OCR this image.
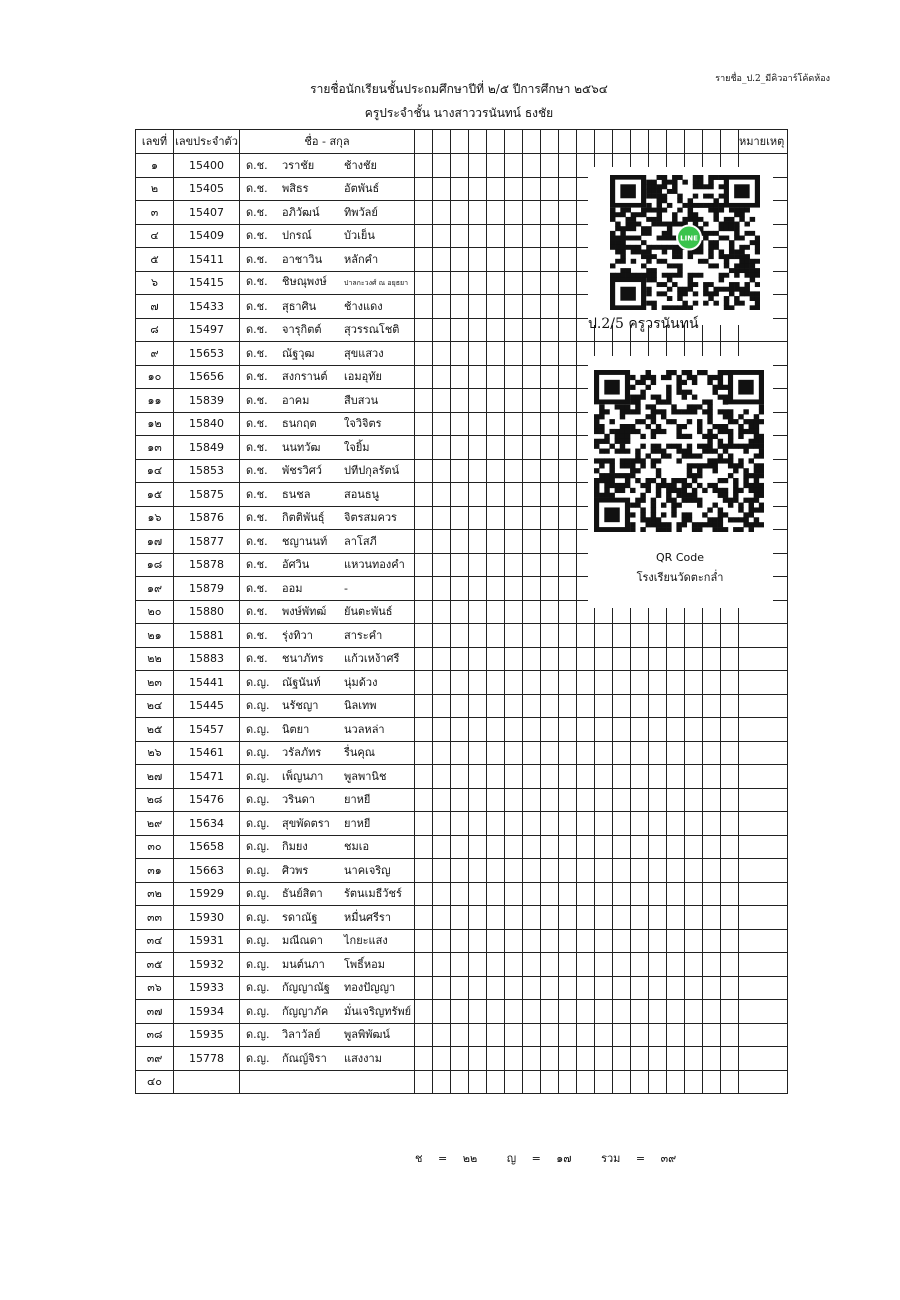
รายชื่อ_ป.2_มีคิวอาร์โค้ดห้อง
รายชื่อนักเรียนชั้นประถมศึกษาปีที่ ๒/๕ ปีการศึกษา ๒๕๖๔
ครูประจำชั้น นางสาววรนันทน์ ธงชัย
เลขที่	เลขประจำตัว	ชื่อ - สกุล																			หมายเหตุ
๑	15400	ด.ช. วราชัย ช้างชัย																			
๒	15405	ด.ช. พสิธร อัตพันธ์																			
๓	15407	ด.ช. อภิวัฒน์ ทิพวัลย์																			
๔	15409	ด.ช. ปกรณ์ บัวเย็น																			
๕	15411	ด.ช. อาชาวิน หลักคำ																			
๖	15415	ด.ช. ชิษณุพงษ์ ปาลกะวงศ์ ณ อยุธยา																			
๗	15433	ด.ช. สุธาศิน ช้างแดง																			
๘	15497	ด.ช. จารุกิตต์ สุวรรณโชติ																			
๙	15653	ด.ช. ณัฐวุฒ สุขแสวง																			
๑๐	15656	ด.ช. สงกรานต์ เอมอุทัย																			
๑๑	15839	ด.ช. อาคม สืบสวน																			
๑๒	15840	ด.ช. ธนกฤต ใจวิจิตร																			
๑๓	15849	ด.ช. นนทวัฒ ใจยิ้ม																			
๑๔	15853	ด.ช. พัชรวิศว์ ปทีปกุลรัตน์																			
๑๕	15875	ด.ช. ธนชล สอนธนู																			
๑๖	15876	ด.ช. กิตติพันธุ์ จิตรสมควร																			
๑๗	15877	ด.ช. ชญานนท์ ลาโสภี																			
๑๘	15878	ด.ช. อัศวิน แหวนทองคำ																			
๑๙	15879	ด.ช. ออม -																			
๒๐	15880	ด.ช. พงษ์พัทฒ์ ยันตะพันธ์																			
๒๑	15881	ด.ช. รุ่งทิวา สาระคำ																			
๒๒	15883	ด.ช. ชนาภัทร แก้วเหง้าศรี																			
๒๓	15441	ด.ญ. ณัฐนันท์ นุ่มด้วง																			
๒๔	15445	ด.ญ. นรัชญา นิลเทพ																			
๒๕	15457	ด.ญ. นิตยา นวลหล่า																			
๒๖	15461	ด.ญ. วรัลภัทร รื่นคุณ																			
๒๗	15471	ด.ญ. เพ็ญนภา พูลพานิช																			
๒๘	15476	ด.ญ. วรินดา ยาหยี																			
๒๙	15634	ด.ญ. สุขพัดตรา ยาหยี																			
๓๐	15658	ด.ญ. กิมยง ชมเอ																			
๓๑	15663	ด.ญ. ศิวพร นาคเจริญ																			
๓๒	15929	ด.ญ. ธันย์สิตา รัตนเมธีวัชร์																			
๓๓	15930	ด.ญ. รดาณัฐ หมื่นศรีรา																			
๓๔	15931	ด.ญ. มณีณดา ไกยะแสง																			
๓๕	15932	ด.ญ. มนต์นภา โพธิ์หอม																			
๓๖	15933	ด.ญ. กัญญาณัฐ ทองปัญญา																			
๓๗	15934	ด.ญ. กัญญาภัค มั่นเจริญทรัพย์																			
๓๘	15935	ด.ญ. วิลาวัลย์ พูลพิพัฒน์																			
๓๙	15778	ด.ญ. กัณญ์จิรา แสงงาม																			
๔๐																					
LINE
ป.2/5 ครูวรนันทน์
QR Code
โรงเรียนวัดตะกล่ำ
ช = ๒๒	ญ = ๑๗	รวม = ๓๙
